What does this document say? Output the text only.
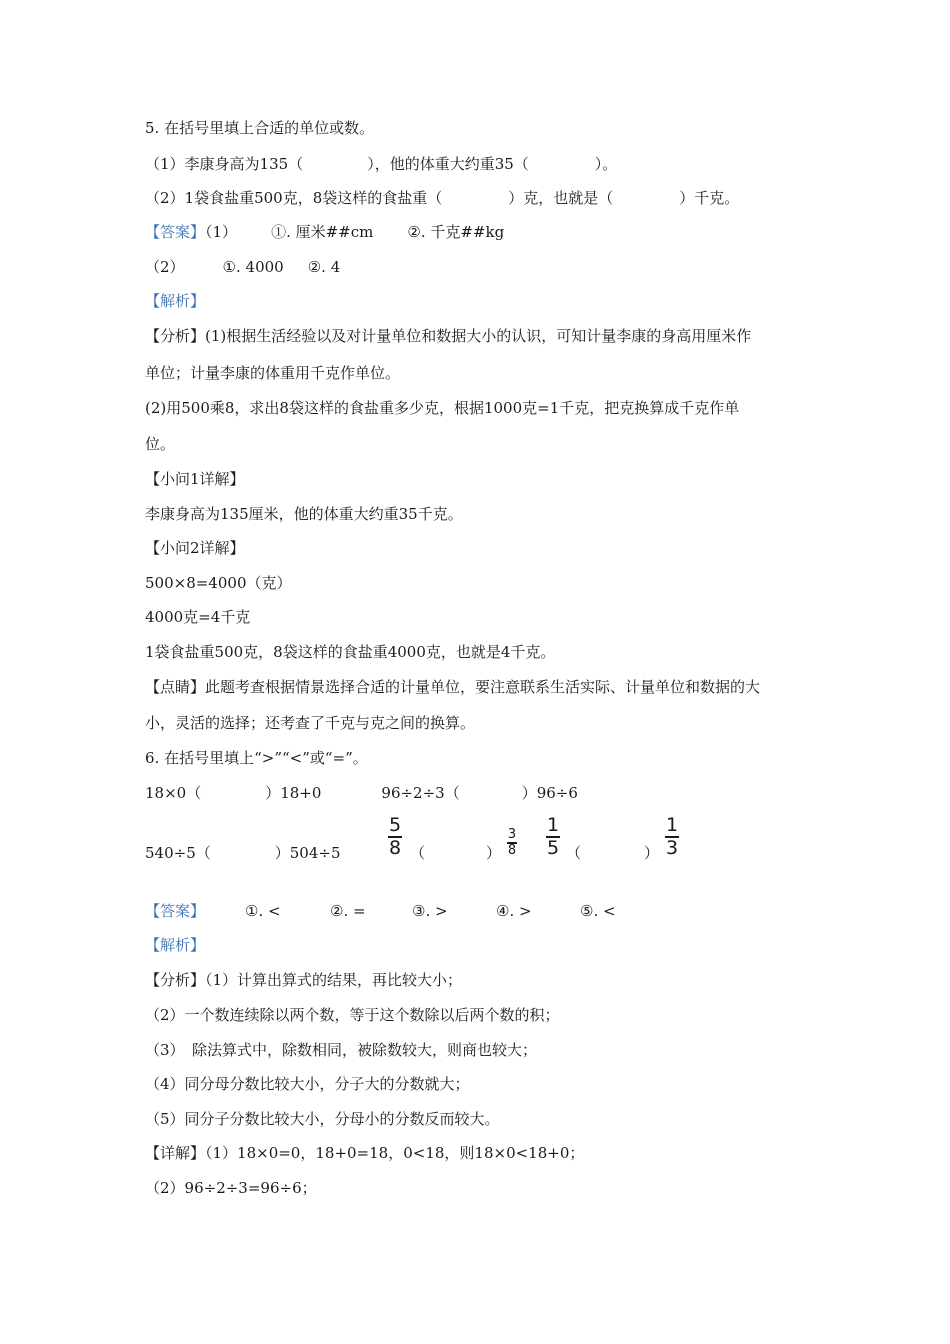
5. 在括号里填上合适的单位或数。
（1）李康身高为135（	），他的体重大约重35（	）。
（2）1袋食盐重500克，8袋这样的食盐重（	）克，也就是（	）千克。
【答案】（1） ①. 厘米##cm ②. 千克##kg
（2）	①. 4000 ②. 4
【解析】
【分析】(1)根据生活经验以及对计量单位和数据大小的认识，可知计量李康的身高用厘米作
单位；计量李康的体重用千克作单位。
(2)用500乘8，求出8袋这样的食盐重多少克，根据1000克=1千克，把克换算成千克作单
位。
【小问1详解】
李康身高为135厘米，他的体重大约重35千克。
【小问2详解】
500×8=4000（克）
4000克=4千克
1袋食盐重500克，8袋这样的食盐重4000克，也就是4千克。
【点睛】此题考查根据情景选择合适的计量单位，要注意联系生活实际、计量单位和数据的大
小，灵活的选择；还考查了千克与克之间的换算。
6. 在括号里填上“>”“<”或“=”。
18×0（	）18+0	96÷2÷3（	）96÷6
540÷5（	）504÷5
5
8 （	）
3
8
1
5 （	）
1
3
【答案】	①. <	②. =	③. >	④. >	⑤. <
【解析】
【分析】（1）计算出算式的结果，再比较大小；
（2）一个数连续除以两个数，等于这个数除以后两个数的积；
（3）　除法算式中，除数相同，被除数较大，则商也较大；
（4）同分母分数比较大小，分子大的分数就大；
（5）同分子分数比较大小，分母小的分数反而较大。
【详解】（1）18×0=0，18+0=18，0<18，则18×0<18+0；
（2）96÷2÷3=96÷6；
